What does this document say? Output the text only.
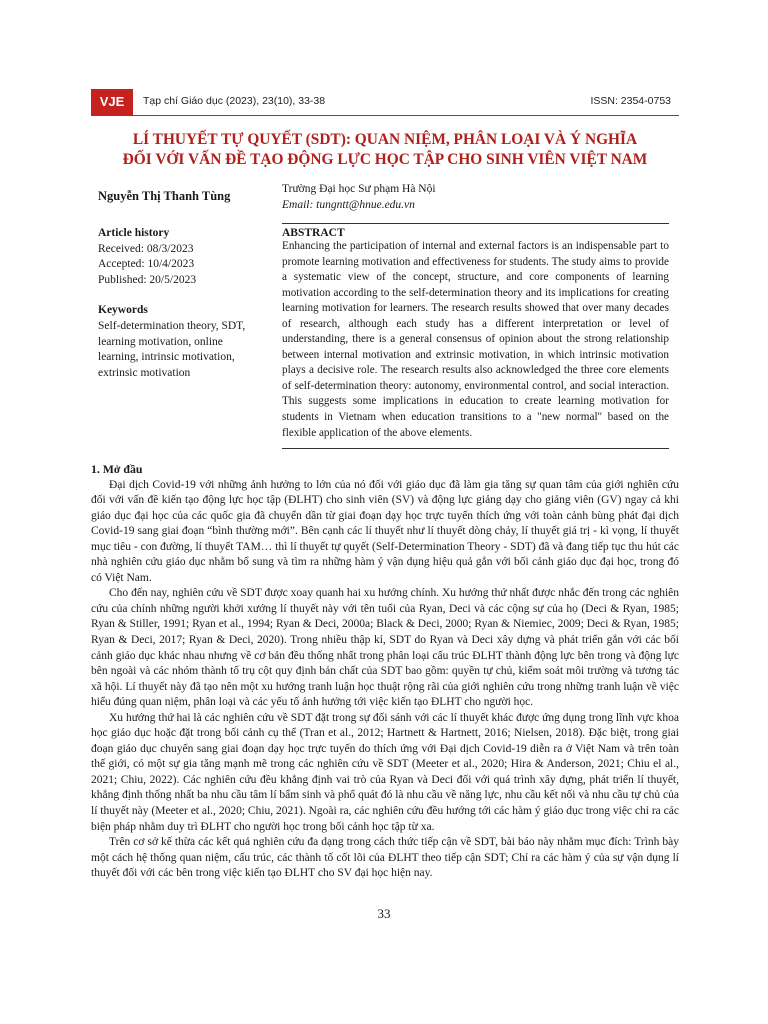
VJE	Tạp chí Giáo dục (2023), 23(10), 33-38	ISSN: 2354-0753
LÍ THUYẾT TỰ QUYẾT (SDT): QUAN NIỆM, PHÂN LOẠI VÀ Ý NGHĨA
ĐỐI VỚI VẤN ĐỀ TẠO ĐỘNG LỰC HỌC TẬP CHO SINH VIÊN VIỆT NAM
Nguyễn Thị Thanh Tùng	Trường Đại học Sư phạm Hà Nội
Email: tungntt@hnue.edu.vn
Article history
Received: 08/3/2023
Accepted: 10/4/2023
Published: 20/5/2023
Keywords
Self-determination theory, SDT, learning motivation, online learning, intrinsic motivation, extrinsic motivation
ABSTRACT
Enhancing the participation of internal and external factors is an indispensable part to promote learning motivation and effectiveness for students. The study aims to provide a systematic view of the concept, structure, and core components of learning motivation according to the self-determination theory and its implications for creating learning motivation for learners. The research results showed that over many decades of research, although each study has a different interpretation or level of understanding, there is a general consensus of opinion about the strong relationship between internal motivation and extrinsic motivation, in which intrinsic motivation plays a decisive role. The research results also acknowledged the three core elements of self-determination theory: autonomy, environmental control, and social interaction. This suggests some implications in education to create learning motivation for students in Vietnam when education transitions to a "new normal" based on the flexible application of the above elements.
1. Mở đầu

Đại dịch Covid-19 với những ảnh hưởng to lớn của nó đối với giáo dục đã làm gia tăng sự quan tâm của giới nghiên cứu đối với vấn đề kiến tạo động lực học tập (ĐLHT) cho sinh viên (SV) và động lực giảng dạy cho giảng viên (GV) ngay cả khi giáo dục đại học của các quốc gia đã chuyển dần từ giai đoạn dạy học trực tuyến thích ứng với toàn cảnh bùng phát đại dịch Covid-19 sang giai đoạn “bình thường mới”. Bên cạnh các lí thuyết như lí thuyết dòng chảy, lí thuyết giá trị - kì vọng, lí thuyết mục tiêu - con đường, lí thuyết TAM… thì lí thuyết tự quyết (Self-Determination Theory - SDT) đã và đang tiếp tục thu hút các nhà nghiên cứu giáo dục nhằm bổ sung và tìm ra những hàm ý vận dụng hiệu quả gắn với bối cảnh giáo dục đại học, trong đó có Việt Nam.

Cho đến nay, nghiên cứu về SDT được xoay quanh hai xu hướng chính. Xu hướng thứ nhất được nhắc đến trong các nghiên cứu của chính những người khởi xướng lí thuyết này với tên tuổi của Ryan, Deci và các cộng sự của họ (Deci & Ryan, 1985; Ryan & Stiller, 1991; Ryan et al., 1994; Ryan & Deci, 2000a; Black & Deci, 2000; Ryan & Niemiec, 2009; Deci & Ryan, 1985; Ryan & Deci, 2017; Ryan & Deci, 2020). Trong nhiều thập kỉ, SDT do Ryan và Deci xây dựng và phát triển gắn với các bối cảnh giáo dục khác nhau nhưng về cơ bản đều thống nhất trong phân loại cấu trúc ĐLHT thành động lực bên trong và động lực bên ngoài và các nhóm thành tố trụ cột quy định bản chất của SDT bao gồm: quyền tự chủ, kiểm soát môi trường và tương tác xã hội. Lí thuyết này đã tạo nên một xu hướng tranh luận học thuật rộng rãi của giới nghiên cứu trong những tranh luận về việc hiểu đúng quan niệm, phân loại và các yếu tố ảnh hưởng tới việc kiến tạo ĐLHT cho người học.

Xu hướng thứ hai là các nghiên cứu về SDT đặt trong sự đối sánh với các lí thuyết khác được ứng dụng trong lĩnh vực khoa học giáo dục hoặc đặt trong bối cảnh cụ thể (Tran et al., 2012; Hartnett & Hartnett, 2016; Nielsen, 2018). Đặc biệt, trong giai đoạn giáo dục chuyển sang giai đoạn dạy học trực tuyến do thích ứng với Đại dịch Covid-19 diễn ra ở Việt Nam và trên toàn thế giới, có một sự gia tăng mạnh mẽ trong các nghiên cứu về SDT (Meeter et al., 2020; Hira & Anderson, 2021; Chiu el al., 2021; Chiu, 2022). Các nghiên cứu đều khẳng định vai trò của Ryan và Deci đối với quá trình xây dựng, phát triển lí thuyết, khẳng định thống nhất ba nhu cầu tâm lí bẩm sinh và phổ quát đó là nhu cầu về năng lực, nhu cầu kết nối và nhu cầu tự chủ của lí thuyết này (Meeter et al., 2020; Chiu, 2021). Ngoài ra, các nghiên cứu đều hướng tới các hàm ý giáo dục trong việc chỉ ra các biện pháp nhằm duy trì ĐLHT cho người học trong bối cảnh học tập từ xa.

Trên cơ sở kế thừa các kết quả nghiên cứu đa dạng trong cách thức tiếp cận về SDT, bài báo này nhằm mục đích: Trình bày một cách hệ thống quan niệm, cấu trúc, các thành tố cốt lõi của ĐLHT theo tiếp cận SDT; Chỉ ra các hàm ý của sự vận dụng lí thuyết đối với các bên trong việc kiến tạo ĐLHT cho SV đại học hiện nay.

33
